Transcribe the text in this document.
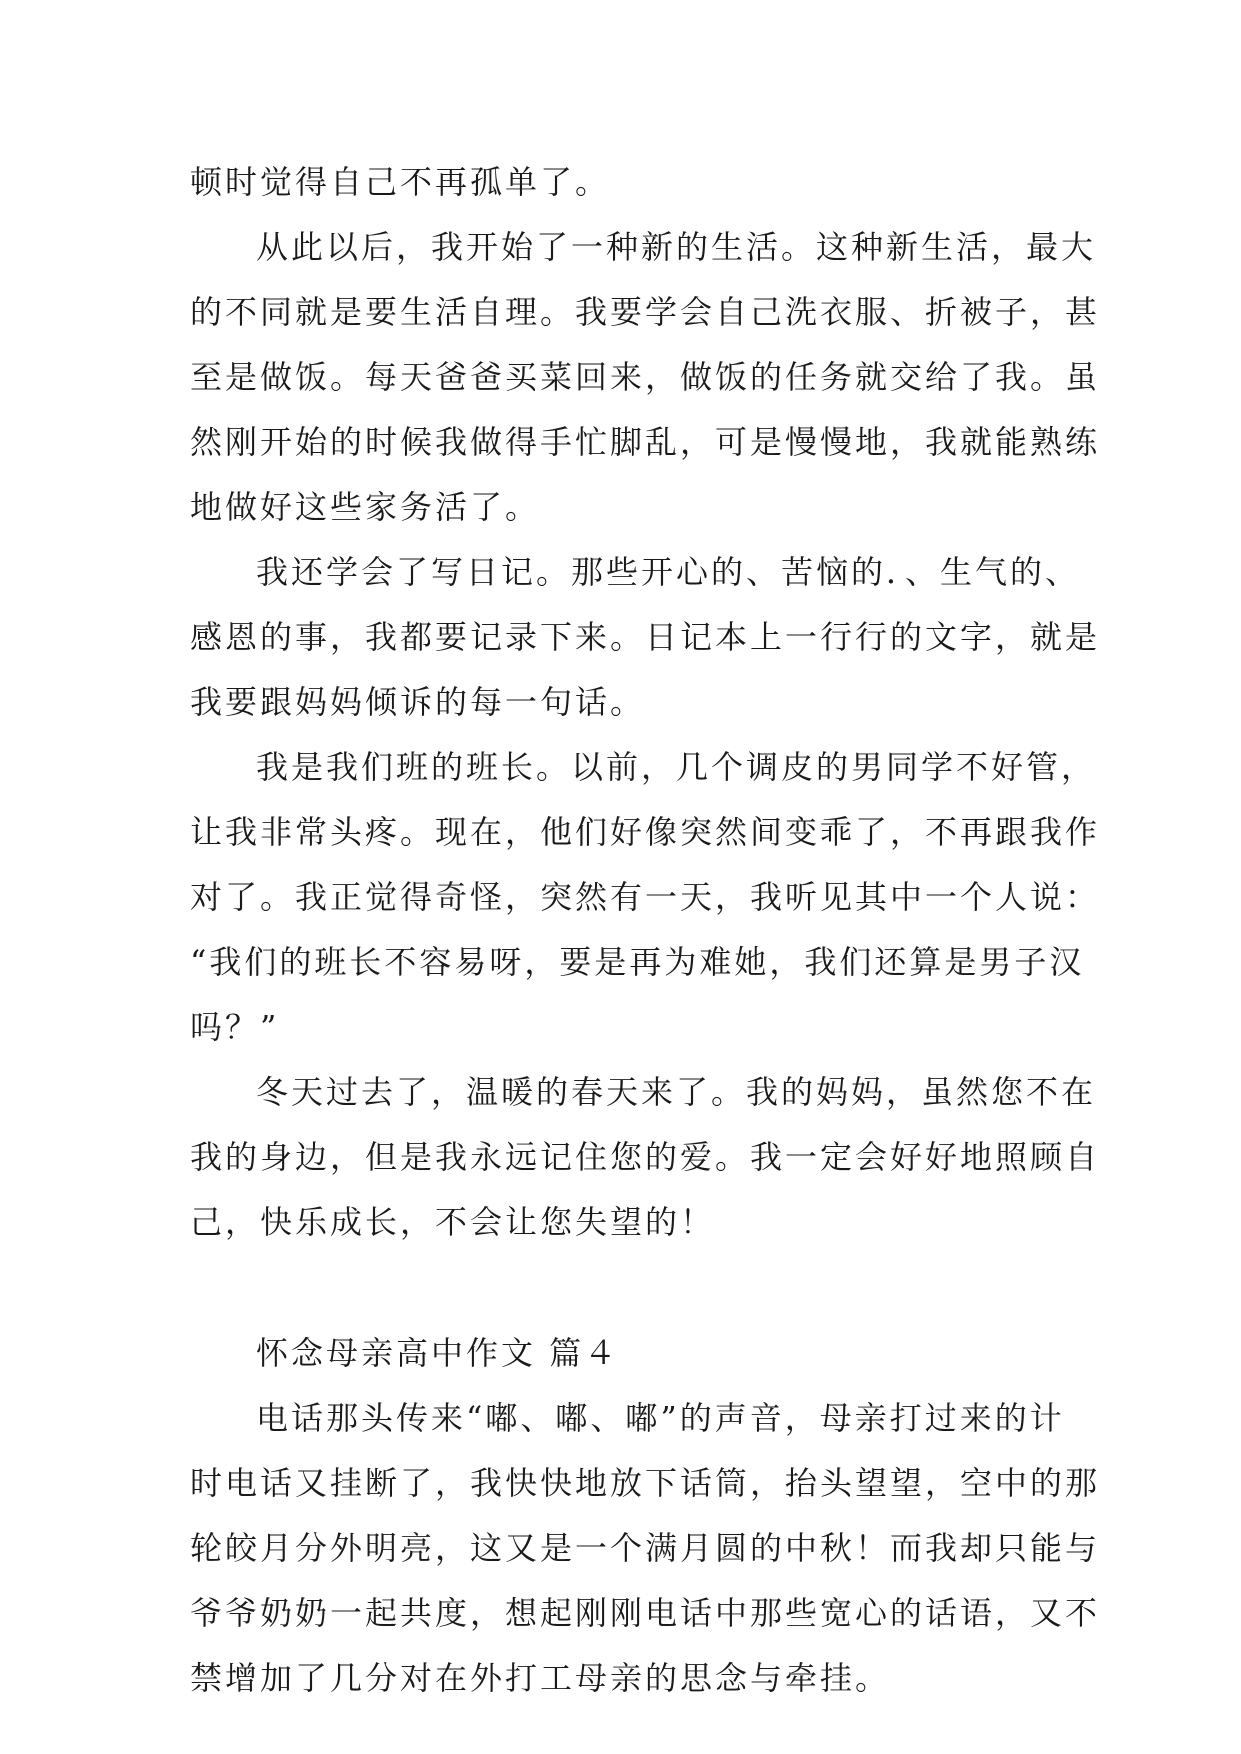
顿时觉得自己不再孤单了。
从此以后，我开始了一种新的生活。这种新生活，最大
的不同就是要生活自理。我要学会自己洗衣服、折被子，甚
至是做饭。每天爸爸买菜回来，做饭的任务就交给了我。虽
然刚开始的时候我做得手忙脚乱，可是慢慢地，我就能熟练
地做好这些家务活了。
我还学会了写日记。那些开心的、苦恼的．、生气的、
感恩的事，我都要记录下来。日记本上一行行的文字，就是
我要跟妈妈倾诉的每一句话。
我是我们班的班长。以前，几个调皮的男同学不好管，
让我非常头疼。现在，他们好像突然间变乖了，不再跟我作
对了。我正觉得奇怪，突然有一天，我听见其中一个人说：
“我们的班长不容易呀，要是再为难她，我们还算是男子汉
吗？”
冬天过去了，温暖的春天来了。我的妈妈，虽然您不在
我的身边，但是我永远记住您的爱。我一定会好好地照顾自
己，快乐成长，不会让您失望的！
怀念母亲高中作文 篇４
电话那头传来“嘟、嘟、嘟”的声音，母亲打过来的计
时电话又挂断了，我快快地放下话筒，抬头望望，空中的那
轮皎月分外明亮，这又是一个满月圆的中秋！而我却只能与
爷爷奶奶一起共度，想起刚刚电话中那些宽心的话语，又不
禁增加了几分对在外打工母亲的思念与牵挂。
